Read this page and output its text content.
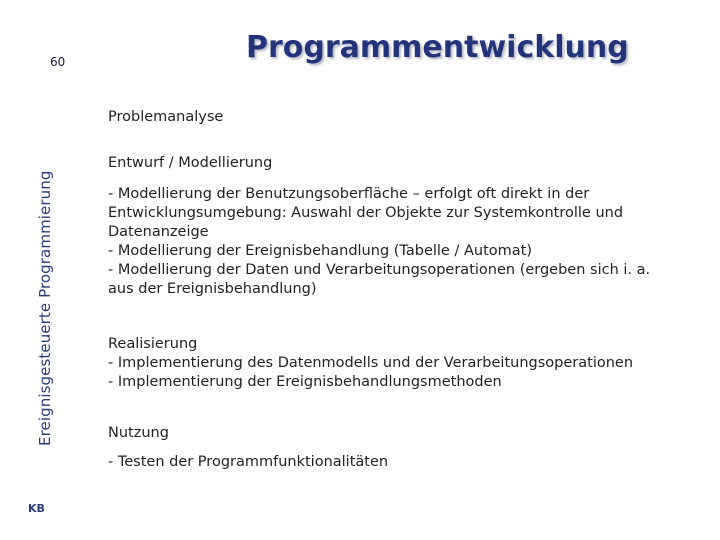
60
Ereignisgesteuerte Programmierung
KB
Programmentwicklung

Problemanalyse

Entwurf / Modellierung

- Modellierung der Benutzungsoberfläche – erfolgt oft direkt in der

Entwicklungsumgebung: Auswahl der Objekte zur Systemkontrolle und

Datenanzeige

- Modellierung der Ereignisbehandlung (Tabelle / Automat)

- Modellierung der Daten und Verarbeitungsoperationen (ergeben sich i. a.

aus der Ereignisbehandlung)

Realisierung

- Implementierung des Datenmodells und der Verarbeitungsoperationen

- Implementierung der Ereignisbehandlungsmethoden

Nutzung

- Testen der Programmfunktionalitäten
